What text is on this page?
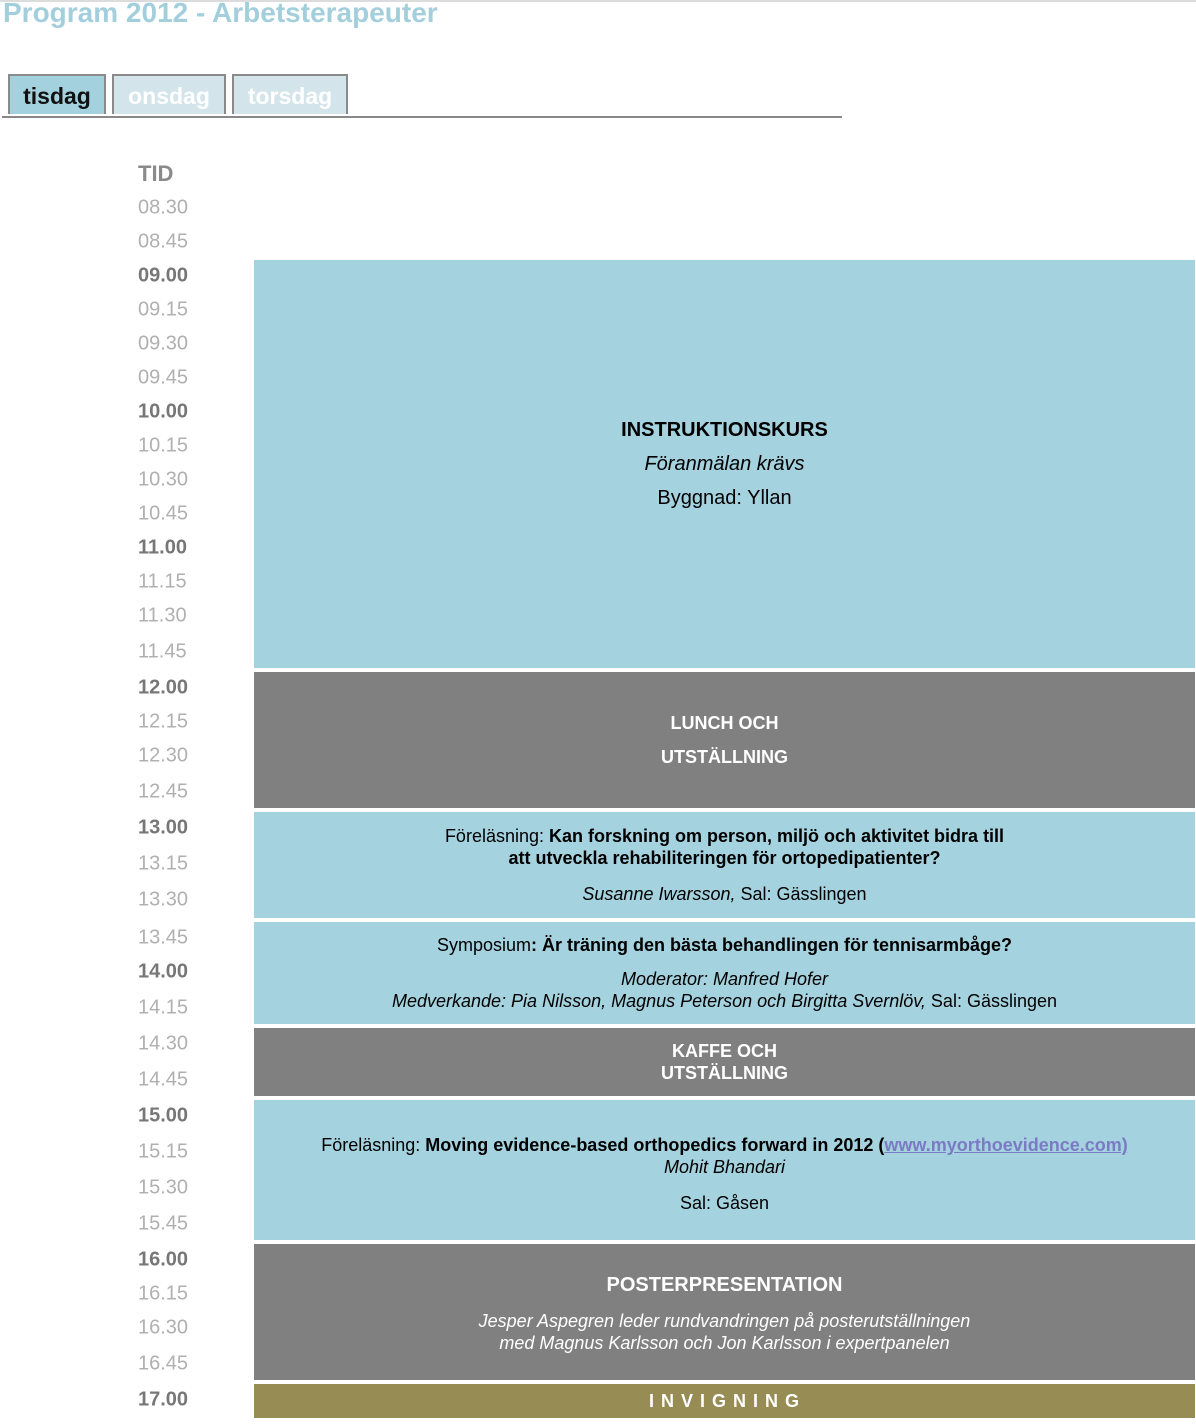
Program 2012 - Arbetsterapeuter
tisdag	onsdag	torsdag
TID
08.30
08.45
09.00
09.15
09.30
09.45
10.00
10.15
10.30
10.45
11.00
11.15
11.30
11.45
12.00
12.15
12.30
12.45
13.00
13.15
13.30
13.45
14.00
14.15
14.30
14.45
15.00
15.15
15.30
15.45
16.00
16.15
16.30
16.45
17.00
INSTRUKTIONSKURS
Föranmälan krävs
Byggnad: Yllan
LUNCH OCH
UTSTÄLLNING
Föreläsning: Kan forskning om person, miljö och aktivitet bidra till
att utveckla rehabiliteringen för ortopedipatienter?
Susanne Iwarsson, Sal: Gässlingen
Symposium: Är träning den bästa behandlingen för tennisarmbåge?
Moderator: Manfred Hofer
Medverkande: Pia Nilsson, Magnus Peterson och Birgitta Svernlöv, Sal: Gässlingen
KAFFE OCH
UTSTÄLLNING
Föreläsning: Moving evidence-based orthopedics forward in 2012 (www.myorthoevidence.com)
Mohit Bhandari
Sal: Gåsen
POSTERPRESENTATION
Jesper Aspegren leder rundvandringen på posterutställningen
med Magnus Karlsson och Jon Karlsson i expertpanelen
I N V I G N I N G
